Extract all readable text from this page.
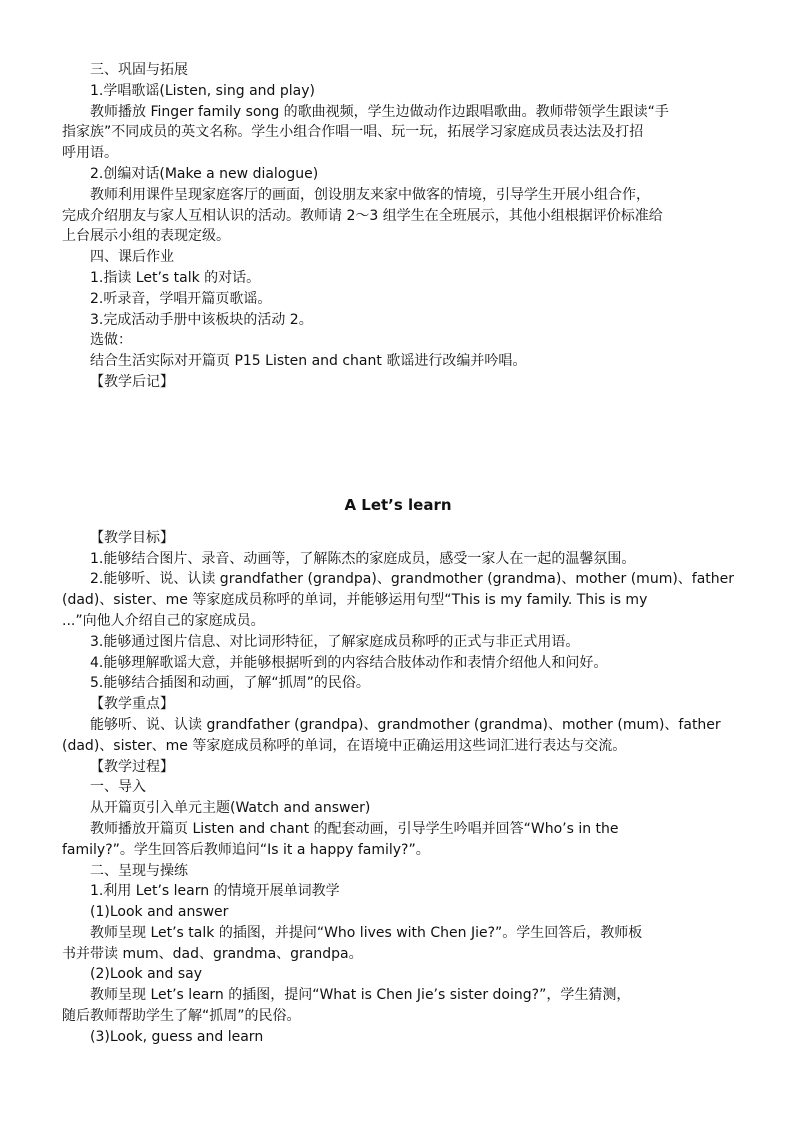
三、巩固与拓展

1.学唱歌谣(Listen, sing and play)

教师播放 Finger family song 的歌曲视频，学生边做动作边跟唱歌曲。教师带领学生跟读“手

指家族”不同成员的英文名称。学生小组合作唱一唱、玩一玩，拓展学习家庭成员表达法及打招

呼用语。

2.创编对话(Make a new dialogue)

教师利用课件呈现家庭客厅的画面，创设朋友来家中做客的情境，引导学生开展小组合作，

完成介绍朋友与家人互相认识的活动。教师请 2～3 组学生在全班展示，其他小组根据评价标准给

上台展示小组的表现定级。

四、课后作业

1.指读 Let’s talk 的对话。

2.听录音，学唱开篇页歌谣。

3.完成活动手册中该板块的活动 2。

选做：

结合生活实际对开篇页 P15 Listen and chant 歌谣进行改编并吟唱。

【教学后记】

A Let’s learn

【教学目标】

1.能够结合图片、录音、动画等，了解陈杰的家庭成员，感受一家人在一起的温馨氛围。

2.能够听、说、认读 grandfather (grandpa)、grandmother (grandma)、mother (mum)、father

(dad)、sister、me 等家庭成员称呼的单词，并能够运用句型“This is my family. This is my

...”向他人介绍自己的家庭成员。

3.能够通过图片信息、对比词形特征，了解家庭成员称呼的正式与非正式用语。

4.能够理解歌谣大意，并能够根据听到的内容结合肢体动作和表情介绍他人和问好。

5.能够结合插图和动画，了解“抓周”的民俗。

【教学重点】

能够听、说、认读 grandfather (grandpa)、grandmother (grandma)、mother (mum)、father

(dad)、sister、me 等家庭成员称呼的单词，在语境中正确运用这些词汇进行表达与交流。

【教学过程】

一、导入

从开篇页引入单元主题(Watch and answer)

教师播放开篇页 Listen and chant 的配套动画，引导学生吟唱并回答“Who’s in the

family?”。学生回答后教师追问“Is it a happy family?”。

二、呈现与操练

1.利用 Let’s learn 的情境开展单词教学

(1)Look and answer

教师呈现 Let’s talk 的插图，并提问“Who lives with Chen Jie?”。学生回答后，教师板

书并带读 mum、dad、grandma、grandpa。

(2)Look and say

教师呈现 Let’s learn 的插图，提问“What is Chen Jie’s sister doing?”，学生猜测，

随后教师帮助学生了解“抓周”的民俗。

(3)Look, guess and learn
